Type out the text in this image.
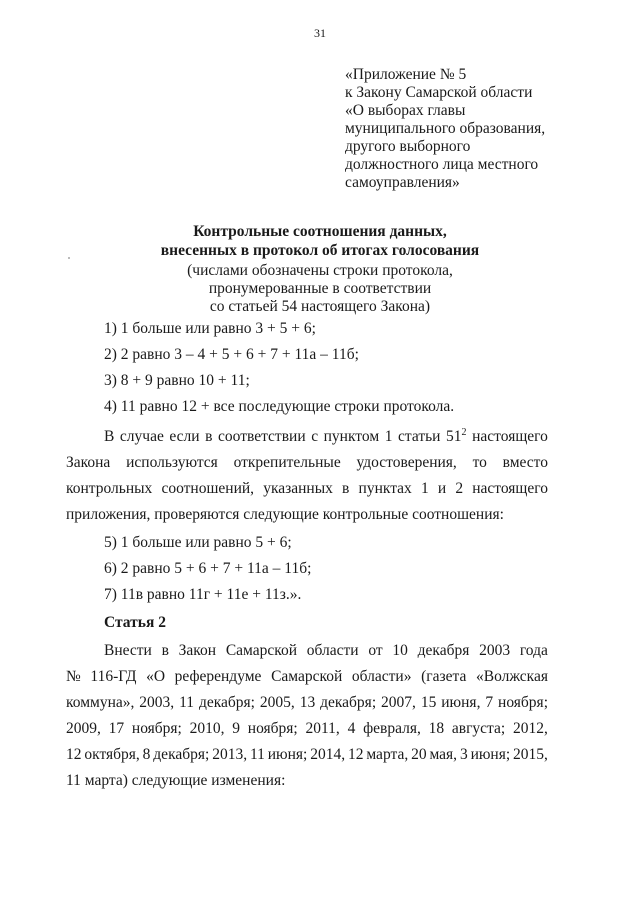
31
«Приложение № 5
к Закону Самарской области
«О выборах главы
муниципального образования,
другого выборного
должностного лица местного
самоуправления»
Контрольные соотношения данных,
внесенных в протокол об итогах голосования
(числами обозначены строки протокола,
пронумерованные в соответствии
со статьей 54 настоящего Закона)
1) 1 больше или равно 3 + 5 + 6;
2) 2 равно 3 – 4 + 5 + 6 + 7 + 11а – 11б;
3) 8 + 9 равно 10 + 11;
4) 11 равно 12 + все последующие строки протокола.
В случае если в соответствии с пунктом 1 статьи $51^2$ настоящего
Закона используются открепительные удостоверения, то вместо
контрольных соотношений, указанных в пунктах 1 и 2 настоящего
приложения, проверяются следующие контрольные соотношения:
5) 1 больше или равно 5 + 6;
6) 2 равно 5 + 6 + 7 + 11а – 11б;
7) 11в равно 11г + 11е + 11з.».
Статья 2
Внести в Закон Самарской области от 10 декабря 2003 года
№ 116-ГД «О референдуме Самарской области» (газета «Волжская
коммуна», 2003, 11 декабря; 2005, 13 декабря; 2007, 15 июня, 7 ноября;
2009, 17 ноября; 2010, 9 ноября; 2011, 4 февраля, 18 августа; 2012,
12 октября, 8 декабря; 2013, 11 июня; 2014, 12 марта, 20 мая, 3 июня; 2015,
11 марта) следующие изменения:
